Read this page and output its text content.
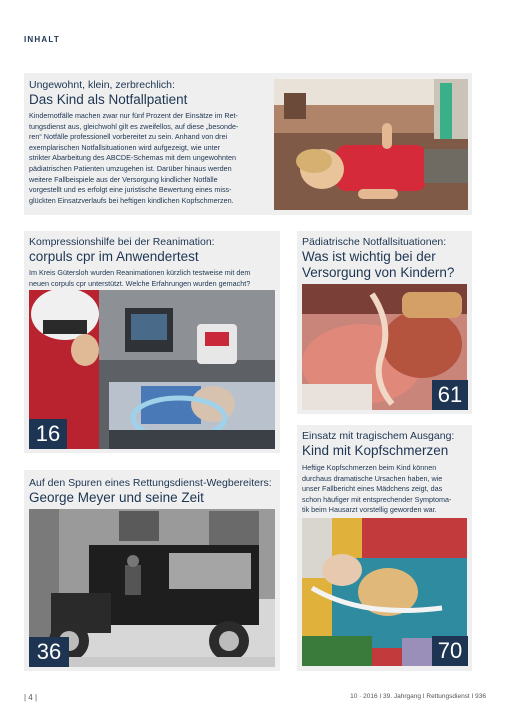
INHALT
Ungewohnt, klein, zerbrechlich:
Das Kind als Notfallpatient
Kindernotfälle machen zwar nur fünf Prozent der Einsätze im Ret-
tungsdienst aus, gleichwohl gilt es zweifellos, auf diese „besonde-
ren“ Notfälle professionell vorbereitet zu sein. Anhand von drei
exemplarischen Notfallsituationen wird aufgezeigt, wie unter
strikter Abarbeitung des ABCDE-Schemas mit dem ungewohnten
pädiatrischen Patienten umzugehen ist. Darüber hinaus werden
weitere Fallbeispiele aus der Versorgung kindlicher Notfälle
vorgestellt und es erfolgt eine juristische Bewertung eines miss-
glückten Einsatzverlaufs bei heftigen kindlichen Kopfschmerzen.
Kompressionshilfe bei der Reanimation:
corpuls cpr im Anwendertest
Im Kreis Gütersloh wurden Reanimationen kürzlich testweise mit dem
neuen corpuls cpr unterstützt. Welche Erfahrungen wurden gemacht?
16
Pädiatrische Notfallsituationen:
Was ist wichtig bei der
Versorgung von Kindern?
61
Einsatz mit tragischem Ausgang:
Kind mit Kopfschmerzen
Heftige Kopfschmerzen beim Kind können
durchaus dramatische Ursachen haben, wie
unser Fallbericht eines Mädchens zeigt, das
schon häufiger mit entsprechender Symptoma-
tik beim Hausarzt vorstellig geworden war.
70
Auf den Spuren eines Rettungsdienst-Wegbereiters:
George Meyer und seine Zeit
36
| 4 |	10 · 2016 I 39. Jahrgang I Rettungsdienst I 936
